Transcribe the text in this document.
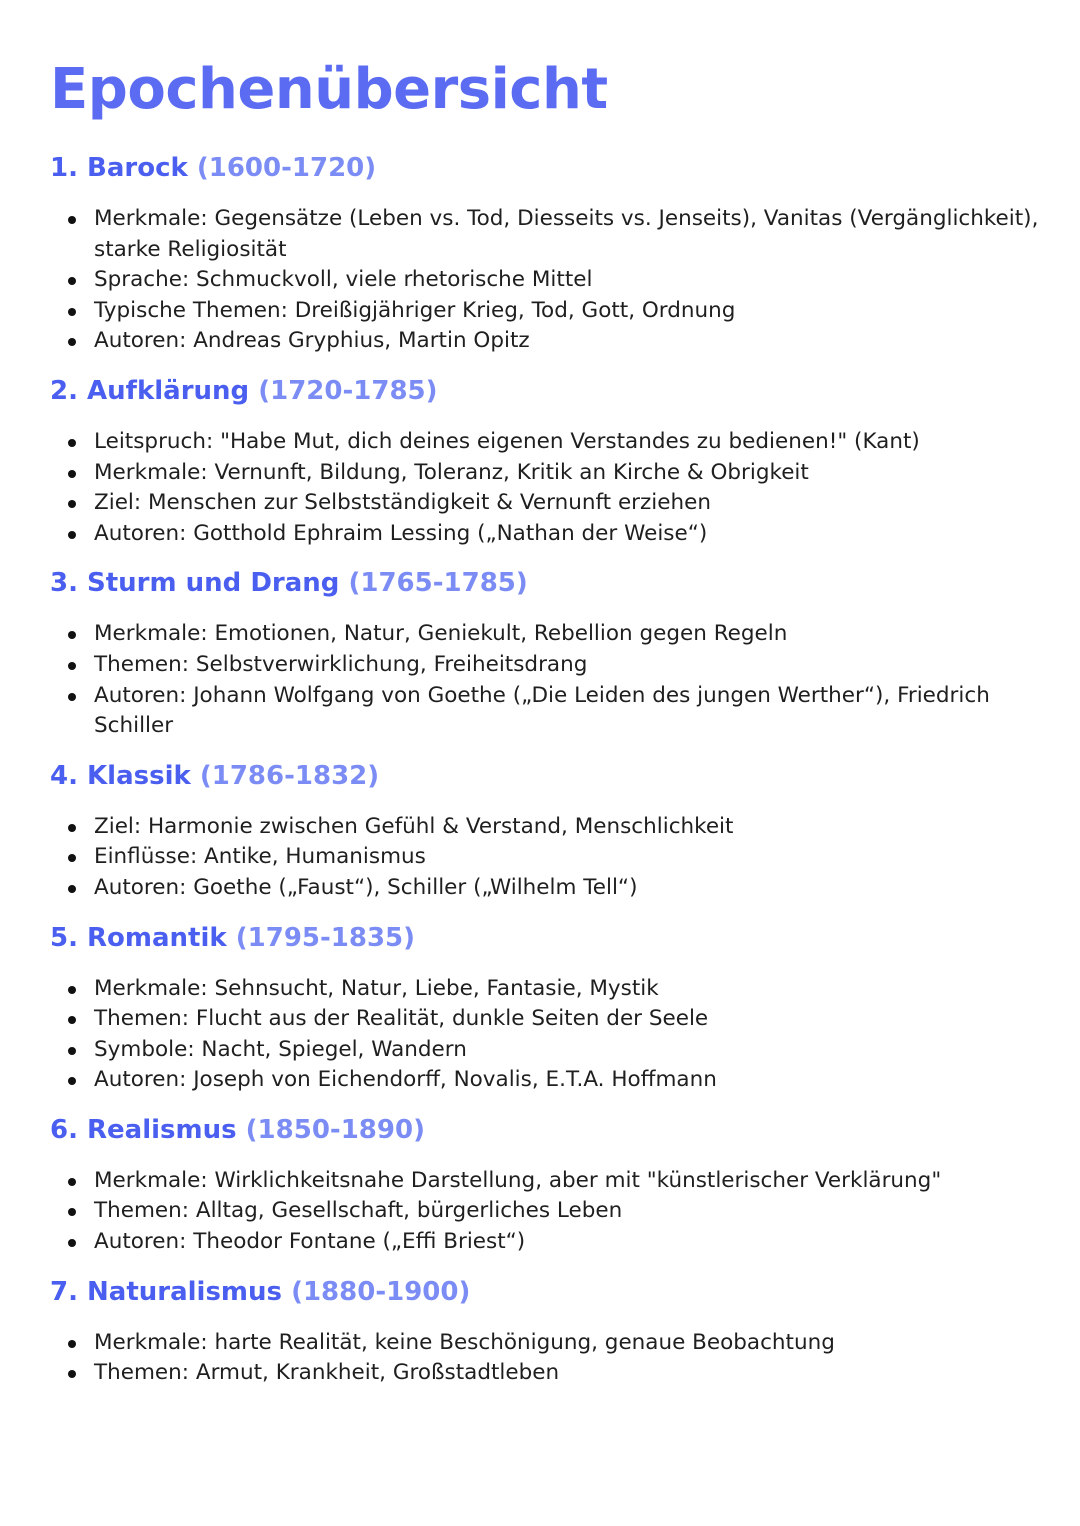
Epochenübersicht
1. Barock (1600-1720)
Merkmale: Gegensätze (Leben vs. Tod, Diesseits vs. Jenseits), Vanitas (Vergänglichkeit), starke Religiosität
Sprache: Schmuckvoll, viele rhetorische Mittel
Typische Themen: Dreißigjähriger Krieg, Tod, Gott, Ordnung
Autoren: Andreas Gryphius, Martin Opitz
2. Aufklärung (1720-1785)
Leitspruch: "Habe Mut, dich deines eigenen Verstandes zu bedienen!" (Kant)
Merkmale: Vernunft, Bildung, Toleranz, Kritik an Kirche & Obrigkeit
Ziel: Menschen zur Selbstständigkeit & Vernunft erziehen
Autoren: Gotthold Ephraim Lessing („Nathan der Weise“)
3. Sturm und Drang (1765-1785)
Merkmale: Emotionen, Natur, Geniekult, Rebellion gegen Regeln
Themen: Selbstverwirklichung, Freiheitsdrang
Autoren: Johann Wolfgang von Goethe („Die Leiden des jungen Werther“), Friedrich Schiller
4. Klassik (1786-1832)
Ziel: Harmonie zwischen Gefühl & Verstand, Menschlichkeit
Einflüsse: Antike, Humanismus
Autoren: Goethe („Faust“), Schiller („Wilhelm Tell“)
5. Romantik (1795-1835)
Merkmale: Sehnsucht, Natur, Liebe, Fantasie, Mystik
Themen: Flucht aus der Realität, dunkle Seiten der Seele
Symbole: Nacht, Spiegel, Wandern
Autoren: Joseph von Eichendorff, Novalis, E.T.A. Hoffmann
6. Realismus (1850-1890)
Merkmale: Wirklichkeitsnahe Darstellung, aber mit "künstlerischer Verklärung"
Themen: Alltag, Gesellschaft, bürgerliches Leben
Autoren: Theodor Fontane („Effi Briest“)
7. Naturalismus (1880-1900)
Merkmale: harte Realität, keine Beschönigung, genaue Beobachtung
Themen: Armut, Krankheit, Großstadtleben
